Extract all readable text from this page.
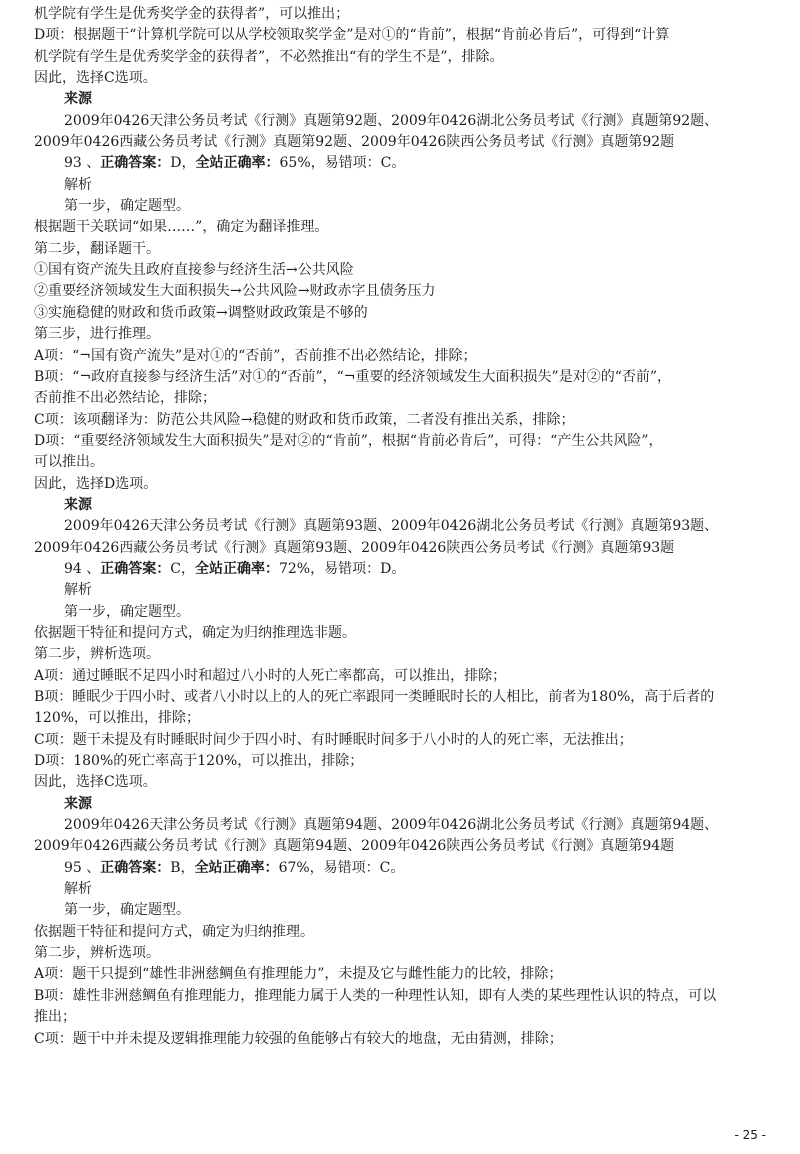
机学院有学生是优秀奖学金的获得者”，可以推出；
D项：根据题干“计算机学院可以从学校领取奖学金”是对①的“肯前”，根据“肯前必肯后”，可得到“计算
机学院有学生是优秀奖学金的获得者”，不必然推出“有的学生不是”，排除。
因此，选择C选项。
来源
2009年0426天津公务员考试《行测》真题第92题、2009年0426湖北公务员考试《行测》真题第92题、
2009年0426西藏公务员考试《行测》真题第92题、2009年0426陕西公务员考试《行测》真题第92题
93 、正确答案：D，全站正确率：65%，易错项：C。
解析
第一步，确定题型。
根据题干关联词“如果……”，确定为翻译推理。
第二步，翻译题干。
①国有资产流失且政府直接参与经济生活→公共风险
②重要经济领域发生大面积损失→公共风险→财政赤字且债务压力
③实施稳健的财政和货币政策→调整财政政策是不够的
第三步，进行推理。
A项：“¬国有资产流失”是对①的“否前”，否前推不出必然结论，排除；
B项：“¬政府直接参与经济生活”对①的“否前”，“¬重要的经济领域发生大面积损失”是对②的“否前”，
否前推不出必然结论，排除；
C项：该项翻译为：防范公共风险→稳健的财政和货币政策，二者没有推出关系，排除；
D项：“重要经济领域发生大面积损失”是对②的“肯前”，根据“肯前必肯后”，可得：“产生公共风险”，
可以推出。
因此，选择D选项。
来源
2009年0426天津公务员考试《行测》真题第93题、2009年0426湖北公务员考试《行测》真题第93题、
2009年0426西藏公务员考试《行测》真题第93题、2009年0426陕西公务员考试《行测》真题第93题
94 、正确答案：C，全站正确率：72%，易错项：D。
解析
第一步，确定题型。
依据题干特征和提问方式，确定为归纳推理选非题。
第二步，辨析选项。
A项：通过睡眠不足四小时和超过八小时的人死亡率都高，可以推出，排除；
B项：睡眠少于四小时、或者八小时以上的人的死亡率跟同一类睡眠时长的人相比，前者为180%，高于后者的
120%，可以推出，排除；
C项：题干未提及有时睡眠时间少于四小时、有时睡眠时间多于八小时的人的死亡率，无法推出；
D项：180%的死亡率高于120%，可以推出，排除；
因此，选择C选项。
来源
2009年0426天津公务员考试《行测》真题第94题、2009年0426湖北公务员考试《行测》真题第94题、
2009年0426西藏公务员考试《行测》真题第94题、2009年0426陕西公务员考试《行测》真题第94题
95 、正确答案：B，全站正确率：67%，易错项：C。
解析
第一步，确定题型。
依据题干特征和提问方式，确定为归纳推理。
第二步，辨析选项。
A项：题干只提到“雄性非洲慈鲷鱼有推理能力”，未提及它与雌性能力的比较，排除；
B项：雄性非洲慈鲷鱼有推理能力，推理能力属于人类的一种理性认知，即有人类的某些理性认识的特点，可以
推出；
C项：题干中并未提及逻辑推理能力较强的鱼能够占有较大的地盘，无由猜测，排除；
- 25 -
